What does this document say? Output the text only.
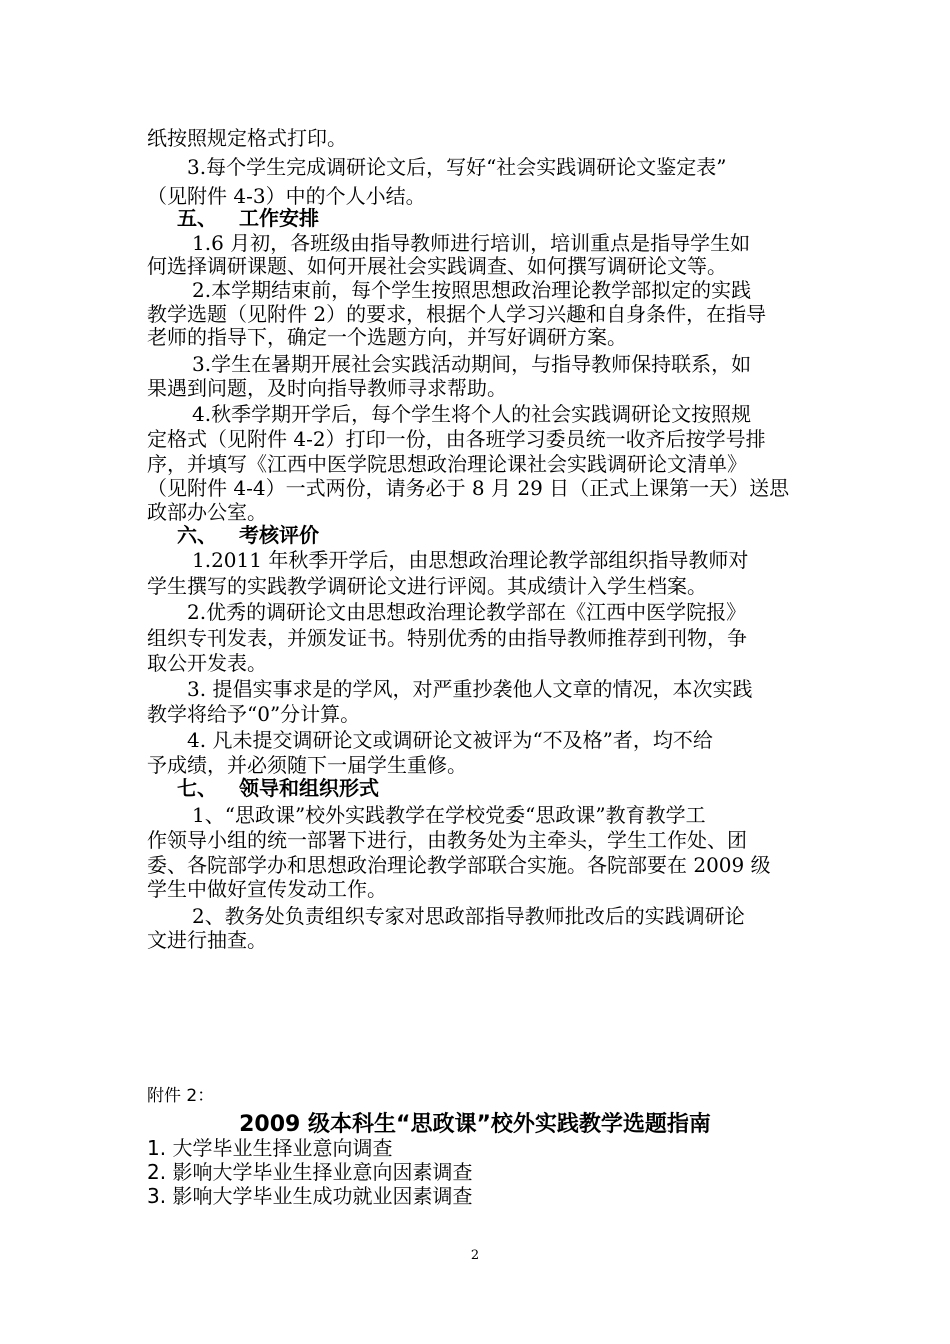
纸按照规定格式打印。
3.每个学生完成调研论文后，写好“社会实践调研论文鉴定表”
（见附件 4-3）中的个人小结。
五、 工作安排
1.6 月初，各班级由指导教师进行培训，培训重点是指导学生如
何选择调研课题、如何开展社会实践调查、如何撰写调研论文等。
2.本学期结束前，每个学生按照思想政治理论教学部拟定的实践
教学选题（见附件 2）的要求，根据个人学习兴趣和自身条件，在指导
老师的指导下，确定一个选题方向，并写好调研方案。
3.学生在暑期开展社会实践活动期间，与指导教师保持联系，如
果遇到问题，及时向指导教师寻求帮助。
4.秋季学期开学后，每个学生将个人的社会实践调研论文按照规
定格式（见附件 4-2）打印一份，由各班学习委员统一收齐后按学号排
序，并填写《江西中医学院思想政治理论课社会实践调研论文清单》
（见附件 4-4）一式两份，请务必于 8 月 29 日（正式上课第一天）送思
政部办公室。
六、 考核评价
1.2011 年秋季开学后，由思想政治理论教学部组织指导教师对
学生撰写的实践教学调研论文进行评阅。其成绩计入学生档案。
2.优秀的调研论文由思想政治理论教学部在《江西中医学院报》
组织专刊发表，并颁发证书。特别优秀的由指导教师推荐到刊物，争
取公开发表。
3. 提倡实事求是的学风，对严重抄袭他人文章的情况，本次实践
教学将给予“0”分计算。
4. 凡未提交调研论文或调研论文被评为“不及格”者，均不给
予成绩，并必须随下一届学生重修。
七、 领导和组织形式
1、“思政课”校外实践教学在学校党委“思政课”教育教学工
作领导小组的统一部署下进行，由教务处为主牵头，学生工作处、团
委、各院部学办和思想政治理论教学部联合实施。各院部要在 2009 级
学生中做好宣传发动工作。
2、教务处负责组织专家对思政部指导教师批改后的实践调研论
文进行抽查。
附件 2：
2009 级本科生“思政课”校外实践教学选题指南
1. 大学毕业生择业意向调查
2. 影响大学毕业生择业意向因素调查
3. 影响大学毕业生成功就业因素调查
2
